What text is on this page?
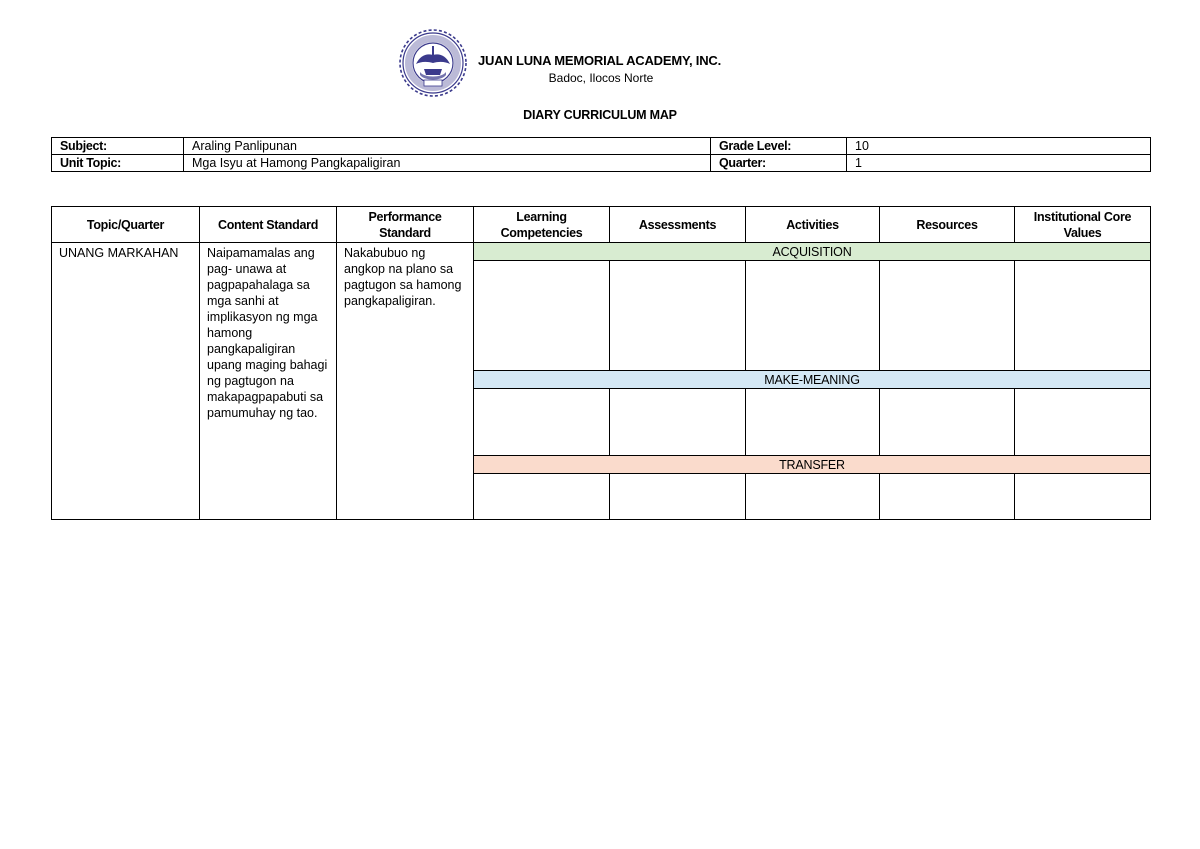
JUAN LUNA MEMORIAL ACADEMY, INC.
Badoc, Ilocos Norte
DIARY CURRICULUM MAP
Subject:	Araling Panlipunan	Grade Level:	10
Unit Topic:	Mga Isyu at Hamong Pangkapaligiran	Quarter:	1
Topic/Quarter	Content Standard	Performance Standard	Learning Competencies	Assessments	Activities	Resources	Institutional Core Values
UNANG MARKAHAN	Naipamamalas ang pag- unawa at pagpapahalaga sa mga sanhi at implikasyon ng mga hamong pangkapaligiran upang maging bahagi ng pagtugon na makapagpapabuti sa pamumuhay ng tao.	Nakabubuo ng angkop na plano sa pagtugon sa hamong pangkapaligiran.	ACQUISITION				

			MAKE-MEANING				

			TRANSFER				
